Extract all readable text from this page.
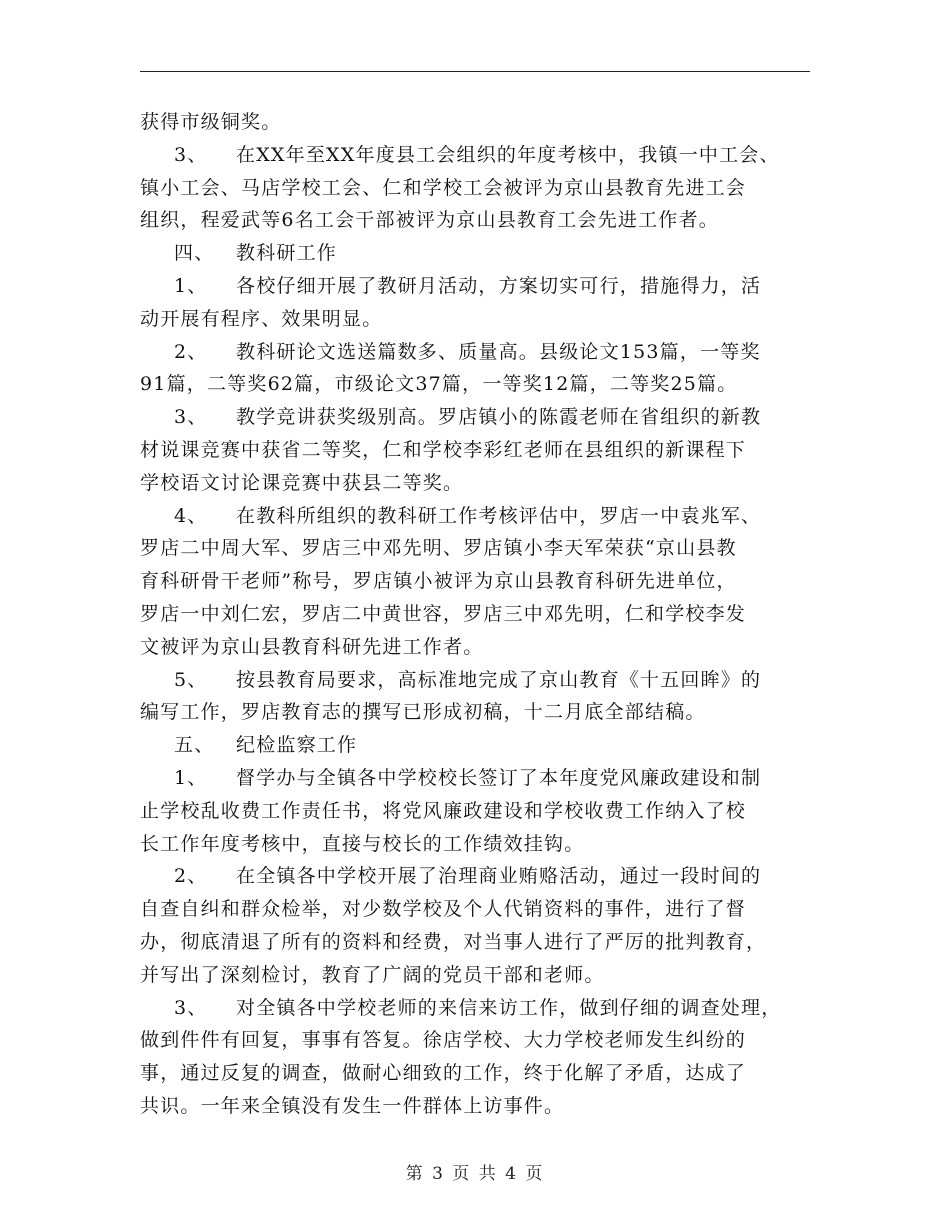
获得市级铜奖。
3、 在XX年至XX年度县工会组织的年度考核中，我镇一中工会、
镇小工会、马店学校工会、仁和学校工会被评为京山县教育先进工会
组织，程爱武等6名工会干部被评为京山县教育工会先进工作者。
四、 教科研工作
1、 各校仔细开展了教研月活动，方案切实可行，措施得力，活
动开展有程序、效果明显。
2、 教科研论文选送篇数多、质量高。县级论文153篇，一等奖
91篇，二等奖62篇，市级论文37篇，一等奖12篇，二等奖25篇。
3、 教学竞讲获奖级别高。罗店镇小的陈霞老师在省组织的新教
材说课竞赛中获省二等奖，仁和学校李彩红老师在县组织的新课程下
学校语文讨论课竞赛中获县二等奖。
4、 在教科所组织的教科研工作考核评估中，罗店一中袁兆军、
罗店二中周大军、罗店三中邓先明、罗店镇小李天军荣获“京山县教
育科研骨干老师”称号，罗店镇小被评为京山县教育科研先进单位，
罗店一中刘仁宏，罗店二中黄世容，罗店三中邓先明，仁和学校李发
文被评为京山县教育科研先进工作者。
5、 按县教育局要求，高标准地完成了京山教育《十五回眸》的
编写工作，罗店教育志的撰写已形成初稿，十二月底全部结稿。
五、 纪检监察工作
1、 督学办与全镇各中学校校长签订了本年度党风廉政建设和制
止学校乱收费工作责任书，将党风廉政建设和学校收费工作纳入了校
长工作年度考核中，直接与校长的工作绩效挂钩。
2、 在全镇各中学校开展了治理商业贿赂活动，通过一段时间的
自查自纠和群众检举，对少数学校及个人代销资料的事件，进行了督
办，彻底清退了所有的资料和经费，对当事人进行了严厉的批判教育，
并写出了深刻检讨，教育了广阔的党员干部和老师。
3、 对全镇各中学校老师的来信来访工作，做到仔细的调查处理，
做到件件有回复，事事有答复。徐店学校、大力学校老师发生纠纷的
事，通过反复的调查，做耐心细致的工作，终于化解了矛盾，达成了
共识。一年来全镇没有发生一件群体上访事件。
第 3 页 共 4 页
